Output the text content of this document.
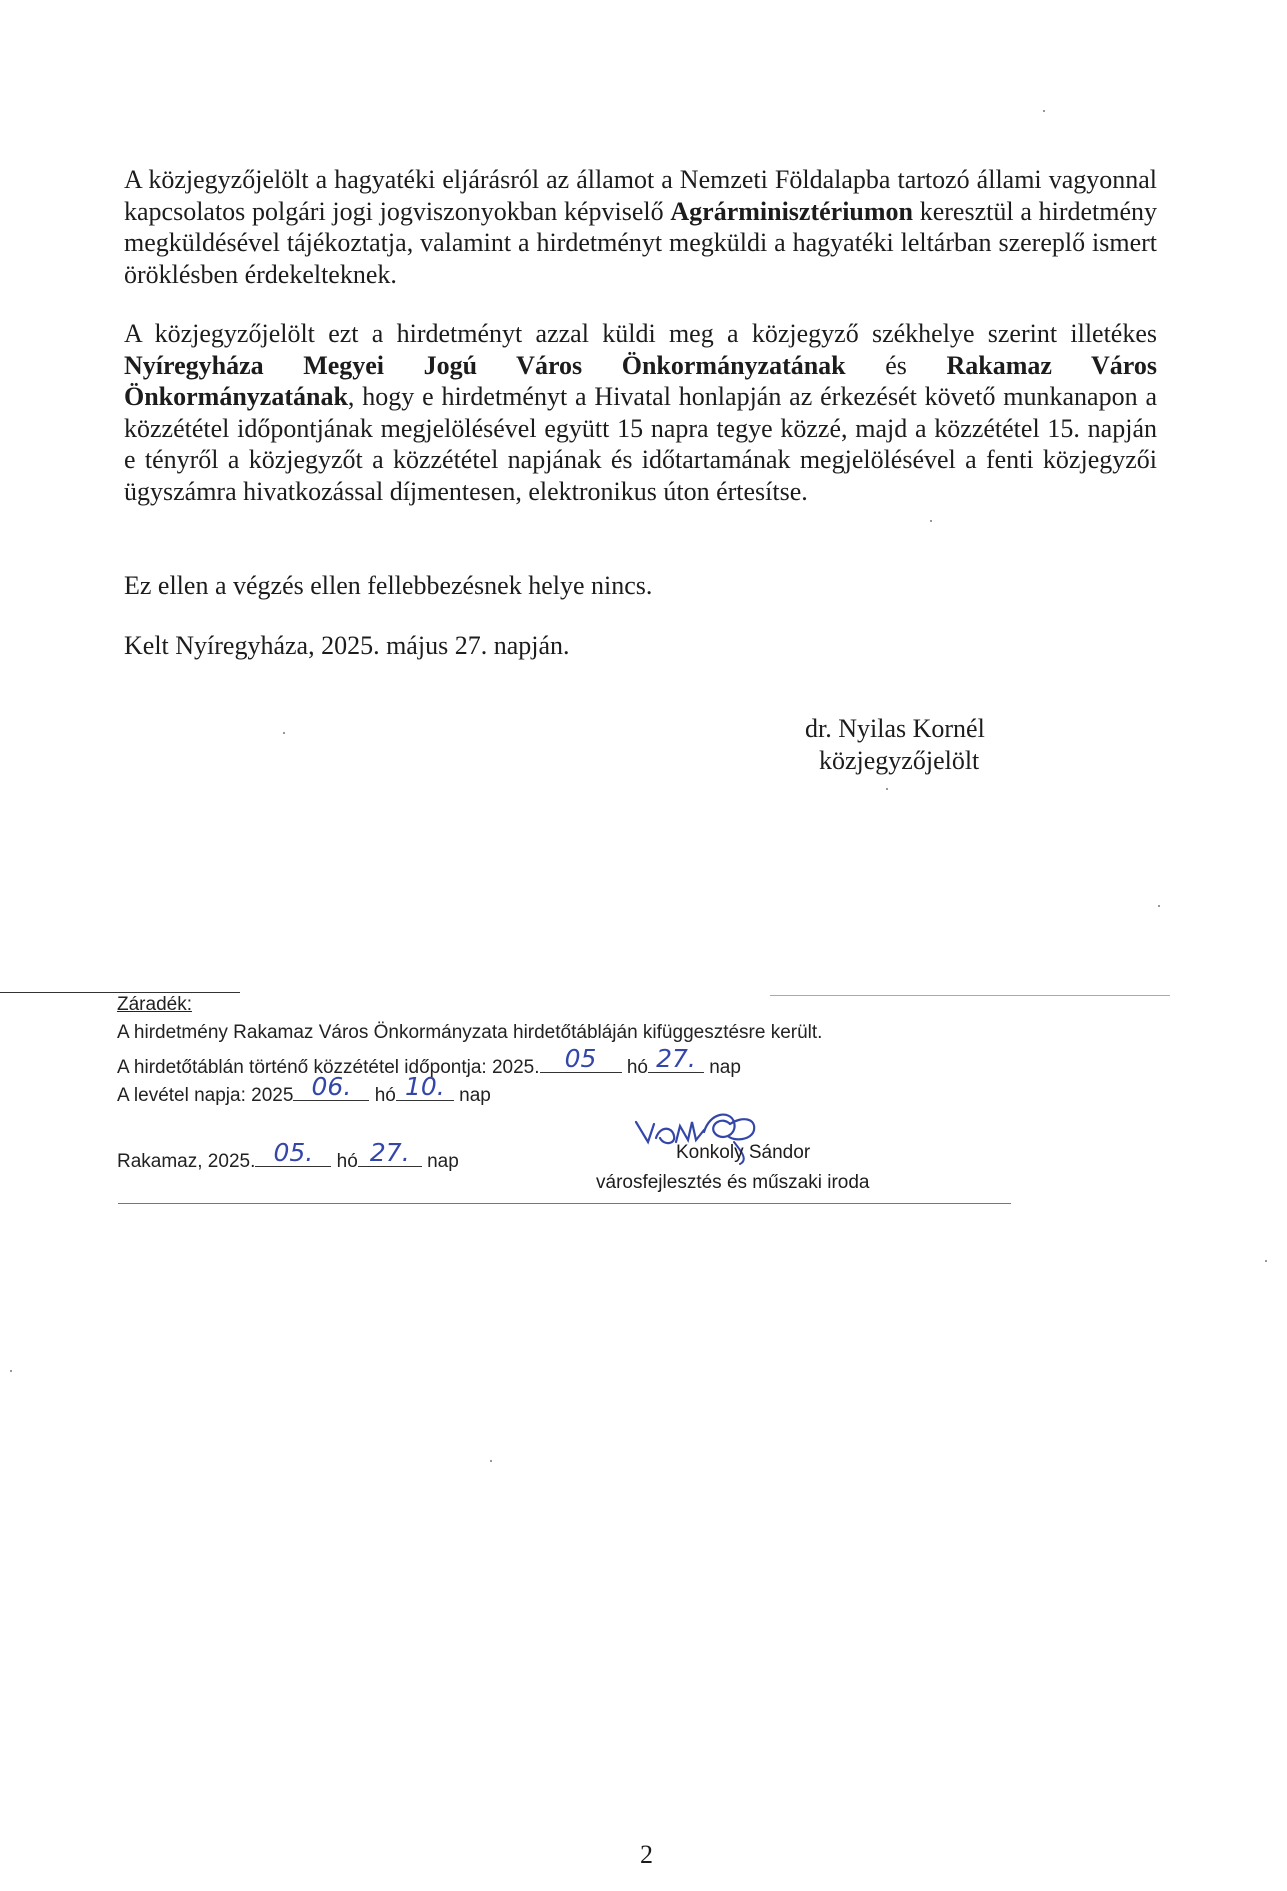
A közjegyzőjelölt a hagyatéki eljárásról az államot a Nemzeti Földalapba tartozó állami vagyonnal kapcsolatos polgári jogi jogviszonyokban képviselő Agrárminisztériumon keresztül a hirdetmény megküldésével tájékoztatja, valamint a hirdetményt megküldi a hagyatéki leltárban szereplő ismert öröklésben érdekelteknek.

A közjegyzőjelölt ezt a hirdetményt azzal küldi meg a közjegyző székhelye szerint illetékes Nyíregyháza Megyei Jogú Város Önkormányzatának és Rakamaz Város Önkormányzatának, hogy e hirdetményt a Hivatal honlapján az érkezését követő munkanapon a közzététel időpontjának megjelölésével együtt 15 napra tegye közzé, majd a közzététel 15. napján e tényről a közjegyzőt a közzététel napjának és időtartamának megjelölésével a fenti közjegyzői ügyszámra hivatkozással díjmentesen, elektronikus úton értesítse.

Ez ellen a végzés ellen fellebbezésnek helye nincs.

Kelt Nyíregyháza, 2025. május 27. napján.

dr. Nyilas Kornél
közjegyzőjelölt
Záradék:
A hirdetmény Rakamaz Város Önkormányzata hirdetőtábláján kifüggesztésre került.
A hirdetőtáblán történő közzététel időpontja: 2025. 05 hó 27. nap
A levétel napja: 2025 06. hó 10. nap
Rakamaz, 2025. 05. hó 27. nap	Konkoly Sándor
városfejlesztés és műszaki iroda
2
